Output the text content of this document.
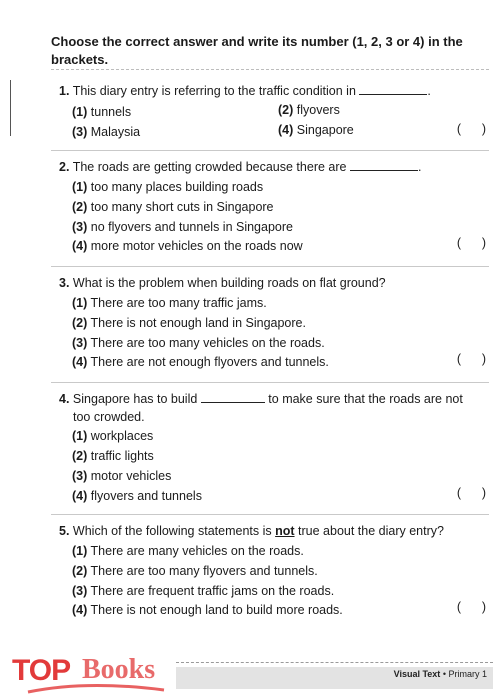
Choose the correct answer and write its number (1, 2, 3 or 4) in the brackets.
1. This diary entry is referring to the traffic condition in	.
(1) tunnels	(2) flyovers
(3) Malaysia	(4) Singapore	(      )
2. The roads are getting crowded because there are	.
(1) too many places building roads
(2) too many short cuts in Singapore
(3) no flyovers and tunnels in Singapore
(4) more motor vehicles on the roads now	(      )
3. What is the problem when building roads on flat ground?
(1) There are too many traffic jams.
(2) There is not enough land in Singapore.
(3) There are too many vehicles on the roads.
(4) There are not enough flyovers and tunnels.	(      )
4. Singapore has to build	to make sure that the roads are not
too crowded.
(1) workplaces
(2) traffic lights
(3) motor vehicles
(4) flyovers and tunnels	(      )
5. Which of the following statements is not true about the diary entry?
(1) There are many vehicles on the roads.
(2) There are too many flyovers and tunnels.
(3) There are frequent traffic jams on the roads.
(4) There is not enough land to build more roads.	(      )
Visual Text • Primary 1
TOP Books
